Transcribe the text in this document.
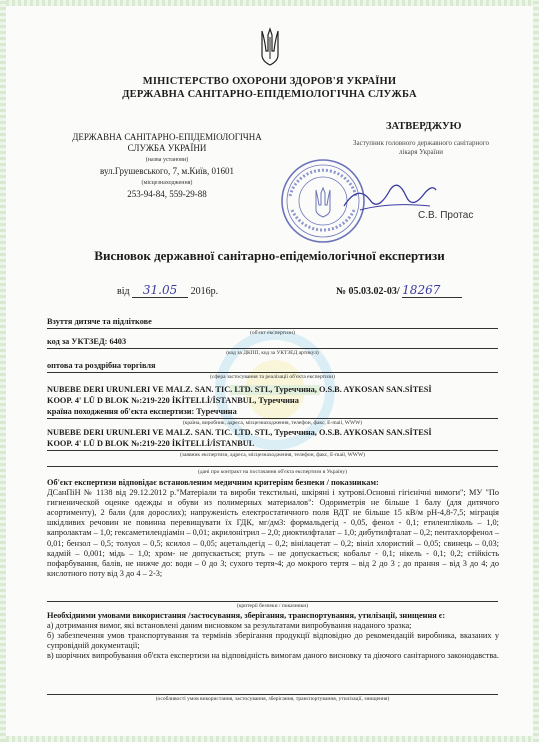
МІНІСТЕРСТВО ОХОРОНИ ЗДОРОВ'Я УКРАЇНИ
ДЕРЖАВНА САНІТАРНО-ЕПІДЕМІОЛОГІЧНА СЛУЖБА
ДЕРЖАВНА САНІТАРНО-ЕПІДЕМІОЛОГІЧНА
СЛУЖБА УКРАЇНИ
(назва установи)
вул.Грушевського, 7, м.Київ, 01601
(місцезнаходження)
253-94-84, 559-29-88
ЗАТВЕРДЖУЮ
Заступник головного державного санітарного лікаря України
С.В. Протас
Висновок державної санітарно-епідеміологічної експертизи
від 31.05 2016р.	№ 05.03.02-03/ 18267
Взуття дитяче та підліткове
(об'єкт експертизи)
код за УКТЗЕД: 6403
(код за ДКПП, код за УКТЗЕД артикул)
оптова та роздрібна торгівля
(сфера застосування та реалізації об'єкта експертизи)
NUBEBE DERI URUNLERI VE MALZ. SAN. TIC. LTD. STI., Туреччина, O.S.B. AYKOSAN SAN.SİTESİ
KOOP. 4' LÜ D BLOK №:219-220 İKİTELLİ/İSTANBUL, Туреччина
країна походження об'єкта експертизи: Туреччина
(країна, виробник, адреса, місцезнаходження, телефон, факс, E-mail, WWW)
NUBEBE DERI URUNLERI VE MALZ. SAN. TIC. LTD. STI., Туреччина, O.S.B. AYKOSAN SAN.SİTESİ
KOOP. 4' LÜ D BLOK №:219-220 İKİTELLİ/İSTANBUL
(заявник експертизи, адреса, місцезнаходження, телефон, факс, E-mail, WWW)
(дані про контракт на постачання об'єкта експертизи в Україну)
Об'єкт експертизи відповідає встановленим медичним критеріям безпеки / показникам:
ДСанПіН № 1138 від 29.12.2012 р."Матеріали та вироби текстильні, шкіряні і хутрові.Основні гігієнічні вимоги"; МУ "По гигиенической оценке одежды и обуви из полимерных материалов": Одориметрія не більше 1 балу (для дитячого асортименту), 2 бали (для дорослих); напруженість електростатичного поля ВДТ не більше 15 кВ/м рН-4,8-7,5; міграція шкідливих речовин не повинна перевищувати їх ГДК, мг/дм3: формальдегід - 0,05, фенол - 0,1; етиленгліколь – 1,0; капролактам – 1,0; гексаметилендіамін – 0,01; акрилонітрил – 2,0; диоктилфталат – 1,0; дибутилфталат – 0,2; пентахлорфенол – 0,01; бензол – 0,5; толуол – 0,5; ксилол – 0,05; ацетальдегід – 0,2; вінілацетат – 0,2; вініл хлористий – 0,05; свинець – 0,03; кадмій – 0,001; мідь – 1,0; хром- не допускається; ртуть – не допускається; кобальт - 0,1; нікель - 0,1; 0,2; стійкість пофарбування, балів, не нижче до: води – 0 до 3; сухого тертя-4; до мокрого тертя – від 2 до 3 ; до прання – від 3 до 4; до кислотного поту від 3 до 4 – 2-3;
(критерії безпеки / показники)
Необхідними умовами використання /застосування, зберігання, транспортування, утилізації, знищення є:
а) дотримання вимог, які встановлені даним висновком за результатами випробування наданого зразка;
б) забезпечення умов транспортування та термінів зберігання продукції відповідно до рекомендацій виробника, вказаних у супровідній документації;
в) шорічних випробування об'єкта експертизи на відповідність вимогам даного висновку та діючого санітарного законодавства.
(особливості умов використання, застосування, зберігання, транспортування, утилізації, знищення)
